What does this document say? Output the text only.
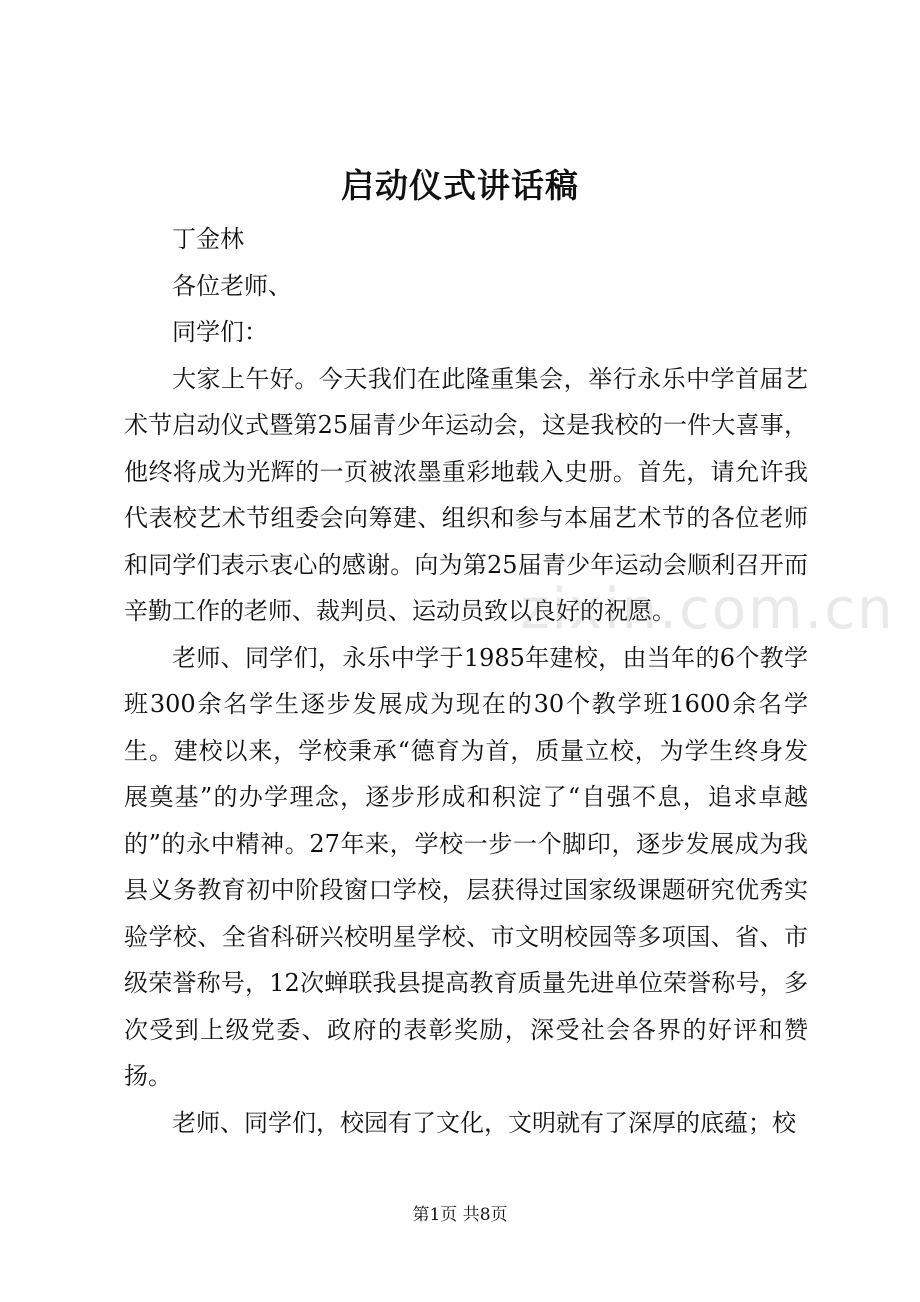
启动仪式讲话稿

丁金林

各位老师、

同学们：

大家上午好。今天我们在此隆重集会，举行永乐中学首届艺术节启动仪式暨第25届青少年运动会，这是我校的一件大喜事，他终将成为光辉的一页被浓墨重彩地载入史册。首先，请允许我代表校艺术节组委会向筹建、组织和参与本届艺术节的各位老师和同学们表示衷心的感谢。向为第25届青少年运动会顺利召开而辛勤工作的老师、裁判员、运动员致以良好的祝愿。

老师、同学们，永乐中学于1985年建校，由当年的6个教学班300余名学生逐步发展成为现在的30个教学班1600余名学生。建校以来，学校秉承“德育为首，质量立校，为学生终身发展奠基”的办学理念，逐步形成和积淀了“自强不息，追求卓越的”的永中精神。27年来，学校一步一个脚印，逐步发展成为我县义务教育初中阶段窗口学校，层获得过国家级课题研究优秀实验学校、全省科研兴校明星学校、市文明校园等多项国、省、市级荣誉称号，12次蝉联我县提高教育质量先进单位荣誉称号，多次受到上级党委、政府的表彰奖励，深受社会各界的好评和赞扬。

老师、同学们，校园有了文化，文明就有了深厚的底蕴；校

zixin.com.cn
第1页 共8页
